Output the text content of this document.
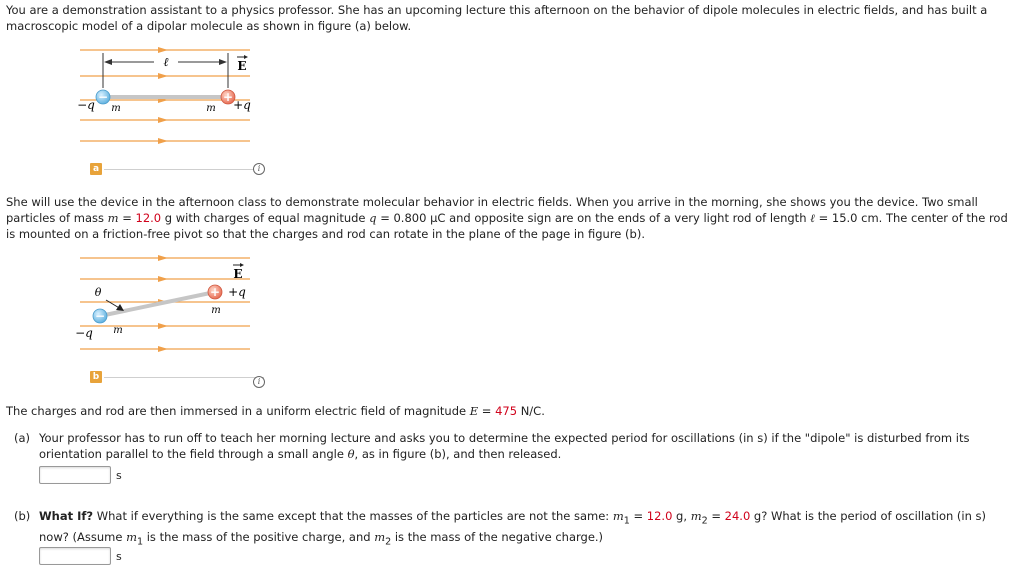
You are a demonstration assistant to a physics professor. She has an upcoming lecture this afternoon on the behavior of dipole molecules in electric fields, and has built a macroscopic model of a dipolar molecule as shown in figure (a) below.

ℓ	E
−	+
−q m	m +q
a	i

She will use the device in the afternoon class to demonstrate molecular behavior in electric fields. When you arrive in the morning, she shows you the device. Two small particles of mass m = 12.0 g with charges of equal magnitude q = 0.800 µC and opposite sign are on the ends of a very light rod of length ℓ = 15.0 cm. The center of the rod is mounted on a friction-free pivot so that the charges and rod can rotate in the plane of the page in figure (b).

E
θ
−
+
−q m
m
+q
b	i

The charges and rod are then immersed in a uniform electric field of magnitude E = 475 N/C.

(a) Your professor has to run off to teach her morning lecture and asks you to determine the expected period for oscillations (in s) if the "dipole" is disturbed from its orientation parallel to the field through a small angle θ, as in figure (b), and then released.
s
(b) What If? What if everything is the same except that the masses of the particles are not the same: $m_1 = 12.0$ g, $m_2 = 24.0$ g? What is the period of oscillation (in s) now? (Assume $m_1$ is the mass of the positive charge, and $m_2$ is the mass of the negative charge.)
s
